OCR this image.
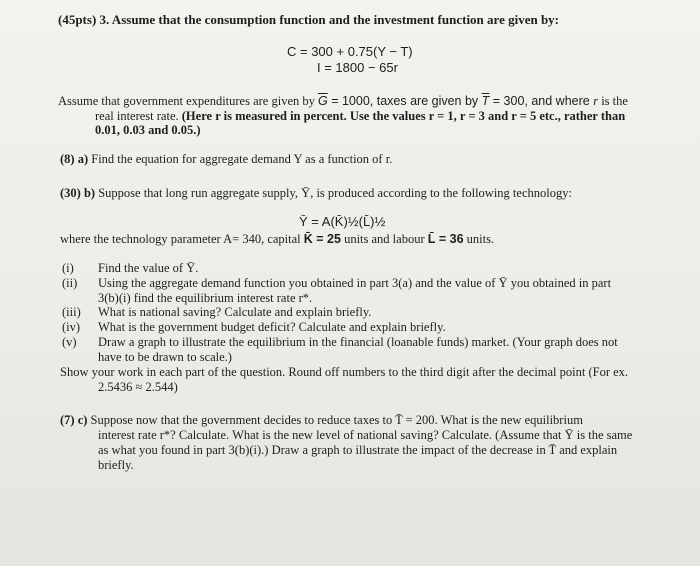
(45pts) 3. Assume that the consumption function and the investment function are given by:
C = 300 + 0.75(Y − T)
I = 1800 − 65r
Assume that government expenditures are given by $\overline{G} = 1000$, taxes are given by $\overline{T} = 300$, and where r is the
real interest rate. (Here r is measured in percent. Use the values r = 1, r = 3 and r = 5 etc., rather than
0.01, 0.03 and 0.05.)
(8) a) Find the equation for aggregate demand Y as a function of r.
(30) b) Suppose that long run aggregate supply, Ȳ, is produced according to the following technology:
Ȳ = A(K̄)½(L̄)½
where the technology parameter A= 340, capital K̄ = 25 units and labour L̄ = 36 units.
(i) Find the value of Ȳ.
(ii) Using the aggregate demand function you obtained in part 3(a) and the value of Ȳ you obtained in part
3(b)(i) find the equilibrium interest rate r*.
(iii) What is national saving? Calculate and explain briefly.
(iv) What is the government budget deficit? Calculate and explain briefly.
(v) Draw a graph to illustrate the equilibrium in the financial (loanable funds) market. (Your graph does not
have to be drawn to scale.)
Show your work in each part of the question. Round off numbers to the third digit after the decimal point (For ex.
2.5436 ≈ 2.544)
(7) c) Suppose now that the government decides to reduce taxes to T̄ = 200. What is the new equilibrium
interest rate r*? Calculate. What is the new level of national saving? Calculate. (Assume that Ȳ is the same
as what you found in part 3(b)(i).) Draw a graph to illustrate the impact of the decrease in T̄ and explain
briefly.
